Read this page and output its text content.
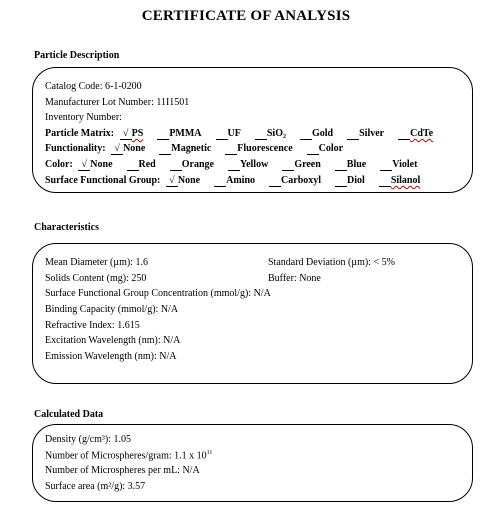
CERTIFICATE OF ANALYSIS
Particle Description
Catalog Code: 6-1-0200
Manufacturer Lot Number: 11I1501
Inventory Number:
Particle Matrix: √ PS	PMMA	UF	SiO₂	Gold	Silver	CdTe
Functionality: √ None	Magnetic	Fluorescence	Color
Color: √ None	Red	Orange	Yellow	Green	Blue	Violet
Surface Functional Group: √ None	Amino	Carboxyl	Diol	Silanol
Characteristics
Mean Diameter (µm): 1.6	Standard Deviation (µm): < 5%
Solids Content (mg): 250	Buffer: None
Surface Functional Group Concentration (mmol/g): N/A
Binding Capacity (mmol/g): N/A
Refractive Index: 1.615
Excitation Wavelength (nm): N/A
Emission Wavelength (nm): N/A
Calculated Data
Density (g/cm³): 1.05
Number of Microspheres/gram: 1.1 x $10^{11}$
Number of Microspheres per mL: N/A
Surface area (m²/g): 3.57
